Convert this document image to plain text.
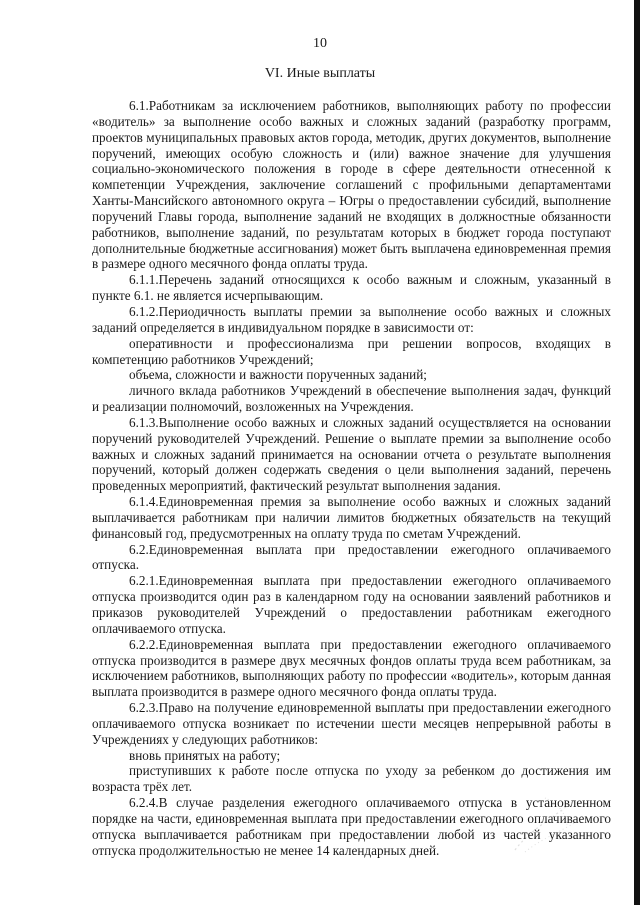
10
VI. Иные выплаты

6.1.Работникам за исключением работников, выполняющих работу по профессии «водитель» за выполнение особо важных и сложных заданий (разработку программ, проектов муниципальных правовых актов города, методик, других документов, выполнение поручений, имеющих особую сложность и (или) важное значение для улучшения социально-экономического положения в городе в сфере деятельности отнесенной к компетенции Учреждения, заключение соглашений с профильными департаментами Ханты-Мансийского автономного округа – Югры о предоставлении субсидий, выполнение поручений Главы города, выполнение заданий не входящих в должностные обязанности работников, выполнение заданий, по результатам которых в бюджет города поступают дополнительные бюджетные ассигнования) может быть выплачена единовременная премия в размере одного месячного фонда оплаты труда.

6.1.1.Перечень заданий относящихся к особо важным и сложным, указанный в пункте 6.1. не является исчерпывающим.

6.1.2.Периодичность выплаты премии за выполнение особо важных и сложных заданий определяется в индивидуальном порядке в зависимости от:

оперативности и профессионализма при решении вопросов, входящих в компетенцию работников Учреждений;

объема, сложности и важности порученных заданий;

личного вклада работников Учреждений в обеспечение выполнения задач, функций и реализации полномочий, возложенных на Учреждения.

6.1.3.Выполнение особо важных и сложных заданий осуществляется на основании поручений руководителей Учреждений. Решение о выплате премии за выполнение особо важных и сложных заданий принимается на основании отчета о результате выполнения поручений, который должен содержать сведения о цели выполнения заданий, перечень проведенных мероприятий, фактический результат выполнения задания.

6.1.4.Единовременная премия за выполнение особо важных и сложных заданий выплачивается работникам при наличии лимитов бюджетных обязательств на текущий финансовый год, предусмотренных на оплату труда по сметам Учреждений.

6.2.Единовременная выплата при предоставлении ежегодного оплачиваемого отпуска.

6.2.1.Единовременная выплата при предоставлении ежегодного оплачиваемого отпуска производится один раз в календарном году на основании заявлений работников и приказов руководителей Учреждений о предоставлении работникам ежегодного оплачиваемого отпуска.

6.2.2.Единовременная выплата при предоставлении ежегодного оплачиваемого отпуска производится в размере двух месячных фондов оплаты труда всем работникам, за исключением работников, выполняющих работу по профессии «водитель», которым данная выплата производится в размере одного месячного фонда оплаты труда.

6.2.3.Право на получение единовременной выплаты при предоставлении ежегодного оплачиваемого отпуска возникает по истечении шести месяцев непрерывной работы в Учреждениях у следующих работников:

вновь принятых на работу;

приступивших к работе после отпуска по уходу за ребенком до достижения им возраста трёх лет.

6.2.4.В случае разделения ежегодного оплачиваемого отпуска в установленном порядке на части, единовременная выплата при предоставлении ежегодного оплачиваемого отпуска выплачивается работникам при предоставлении любой из частей указанного отпуска продолжительностью не менее 14 календарных дней.
